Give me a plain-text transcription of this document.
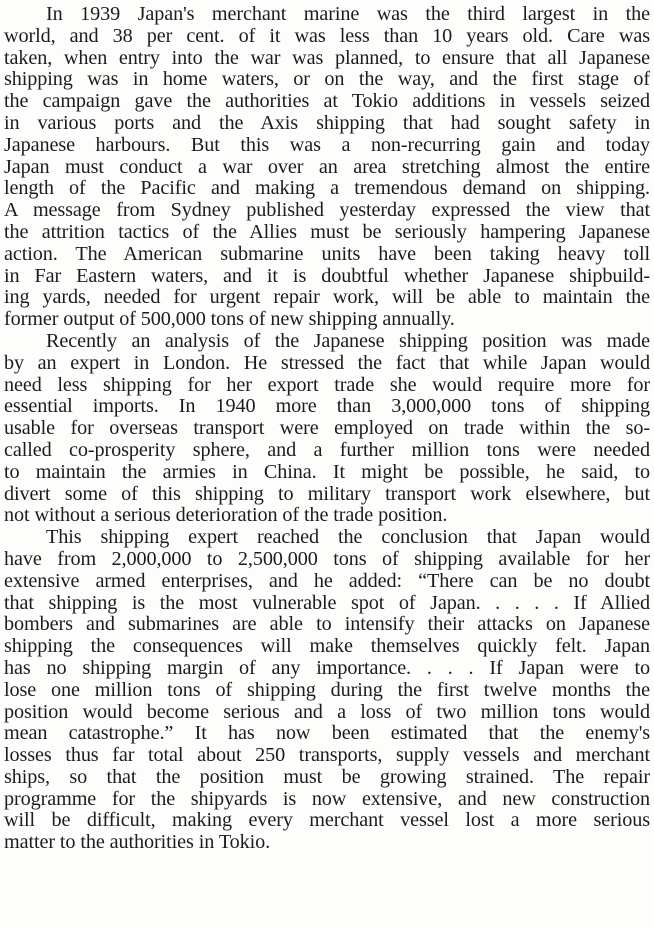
In 1939 Japan's merchant marine was the third largest in the
world, and 38 per cent. of it was less than 10 years old. Care was
taken, when entry into the war was planned, to ensure that all Japanese
shipping was in home waters, or on the way, and the first stage of
the campaign gave the authorities at Tokio additions in vessels seized
in various ports and the Axis shipping that had sought safety in
Japanese harbours. But this was a non-recurring gain and today
Japan must conduct a war over an area stretching almost the entire
length of the Pacific and making a tremendous demand on shipping.
A message from Sydney published yesterday expressed the view that
the attrition tactics of the Allies must be seriously hampering Japanese
action. The American submarine units have been taking heavy toll
in Far Eastern waters, and it is doubtful whether Japanese shipbuild-
ing yards, needed for urgent repair work, will be able to maintain the
former output of 500,000 tons of new shipping annually.
Recently an analysis of the Japanese shipping position was made
by an expert in London. He stressed the fact that while Japan would
need less shipping for her export trade she would require more for
essential imports. In 1940 more than 3,000,000 tons of shipping
usable for overseas transport were employed on trade within the so-
called co-prosperity sphere, and a further million tons were needed
to maintain the armies in China. It might be possible, he said, to
divert some of this shipping to military transport work elsewhere, but
not without a serious deterioration of the trade position.
This shipping expert reached the conclusion that Japan would
have from 2,000,000 to 2,500,000 tons of shipping available for her
extensive armed enterprises, and he added: “There can be no doubt
that shipping is the most vulnerable spot of Japan. . . . . If Allied
bombers and submarines are able to intensify their attacks on Japanese
shipping the consequences will make themselves quickly felt. Japan
has no shipping margin of any importance. . . . If Japan were to
lose one million tons of shipping during the first twelve months the
position would become serious and a loss of two million tons would
mean catastrophe.” It has now been estimated that the enemy's
losses thus far total about 250 transports, supply vessels and merchant
ships, so that the position must be growing strained. The repair
programme for the shipyards is now extensive, and new construction
will be difficult, making every merchant vessel lost a more serious
matter to the authorities in Tokio.
